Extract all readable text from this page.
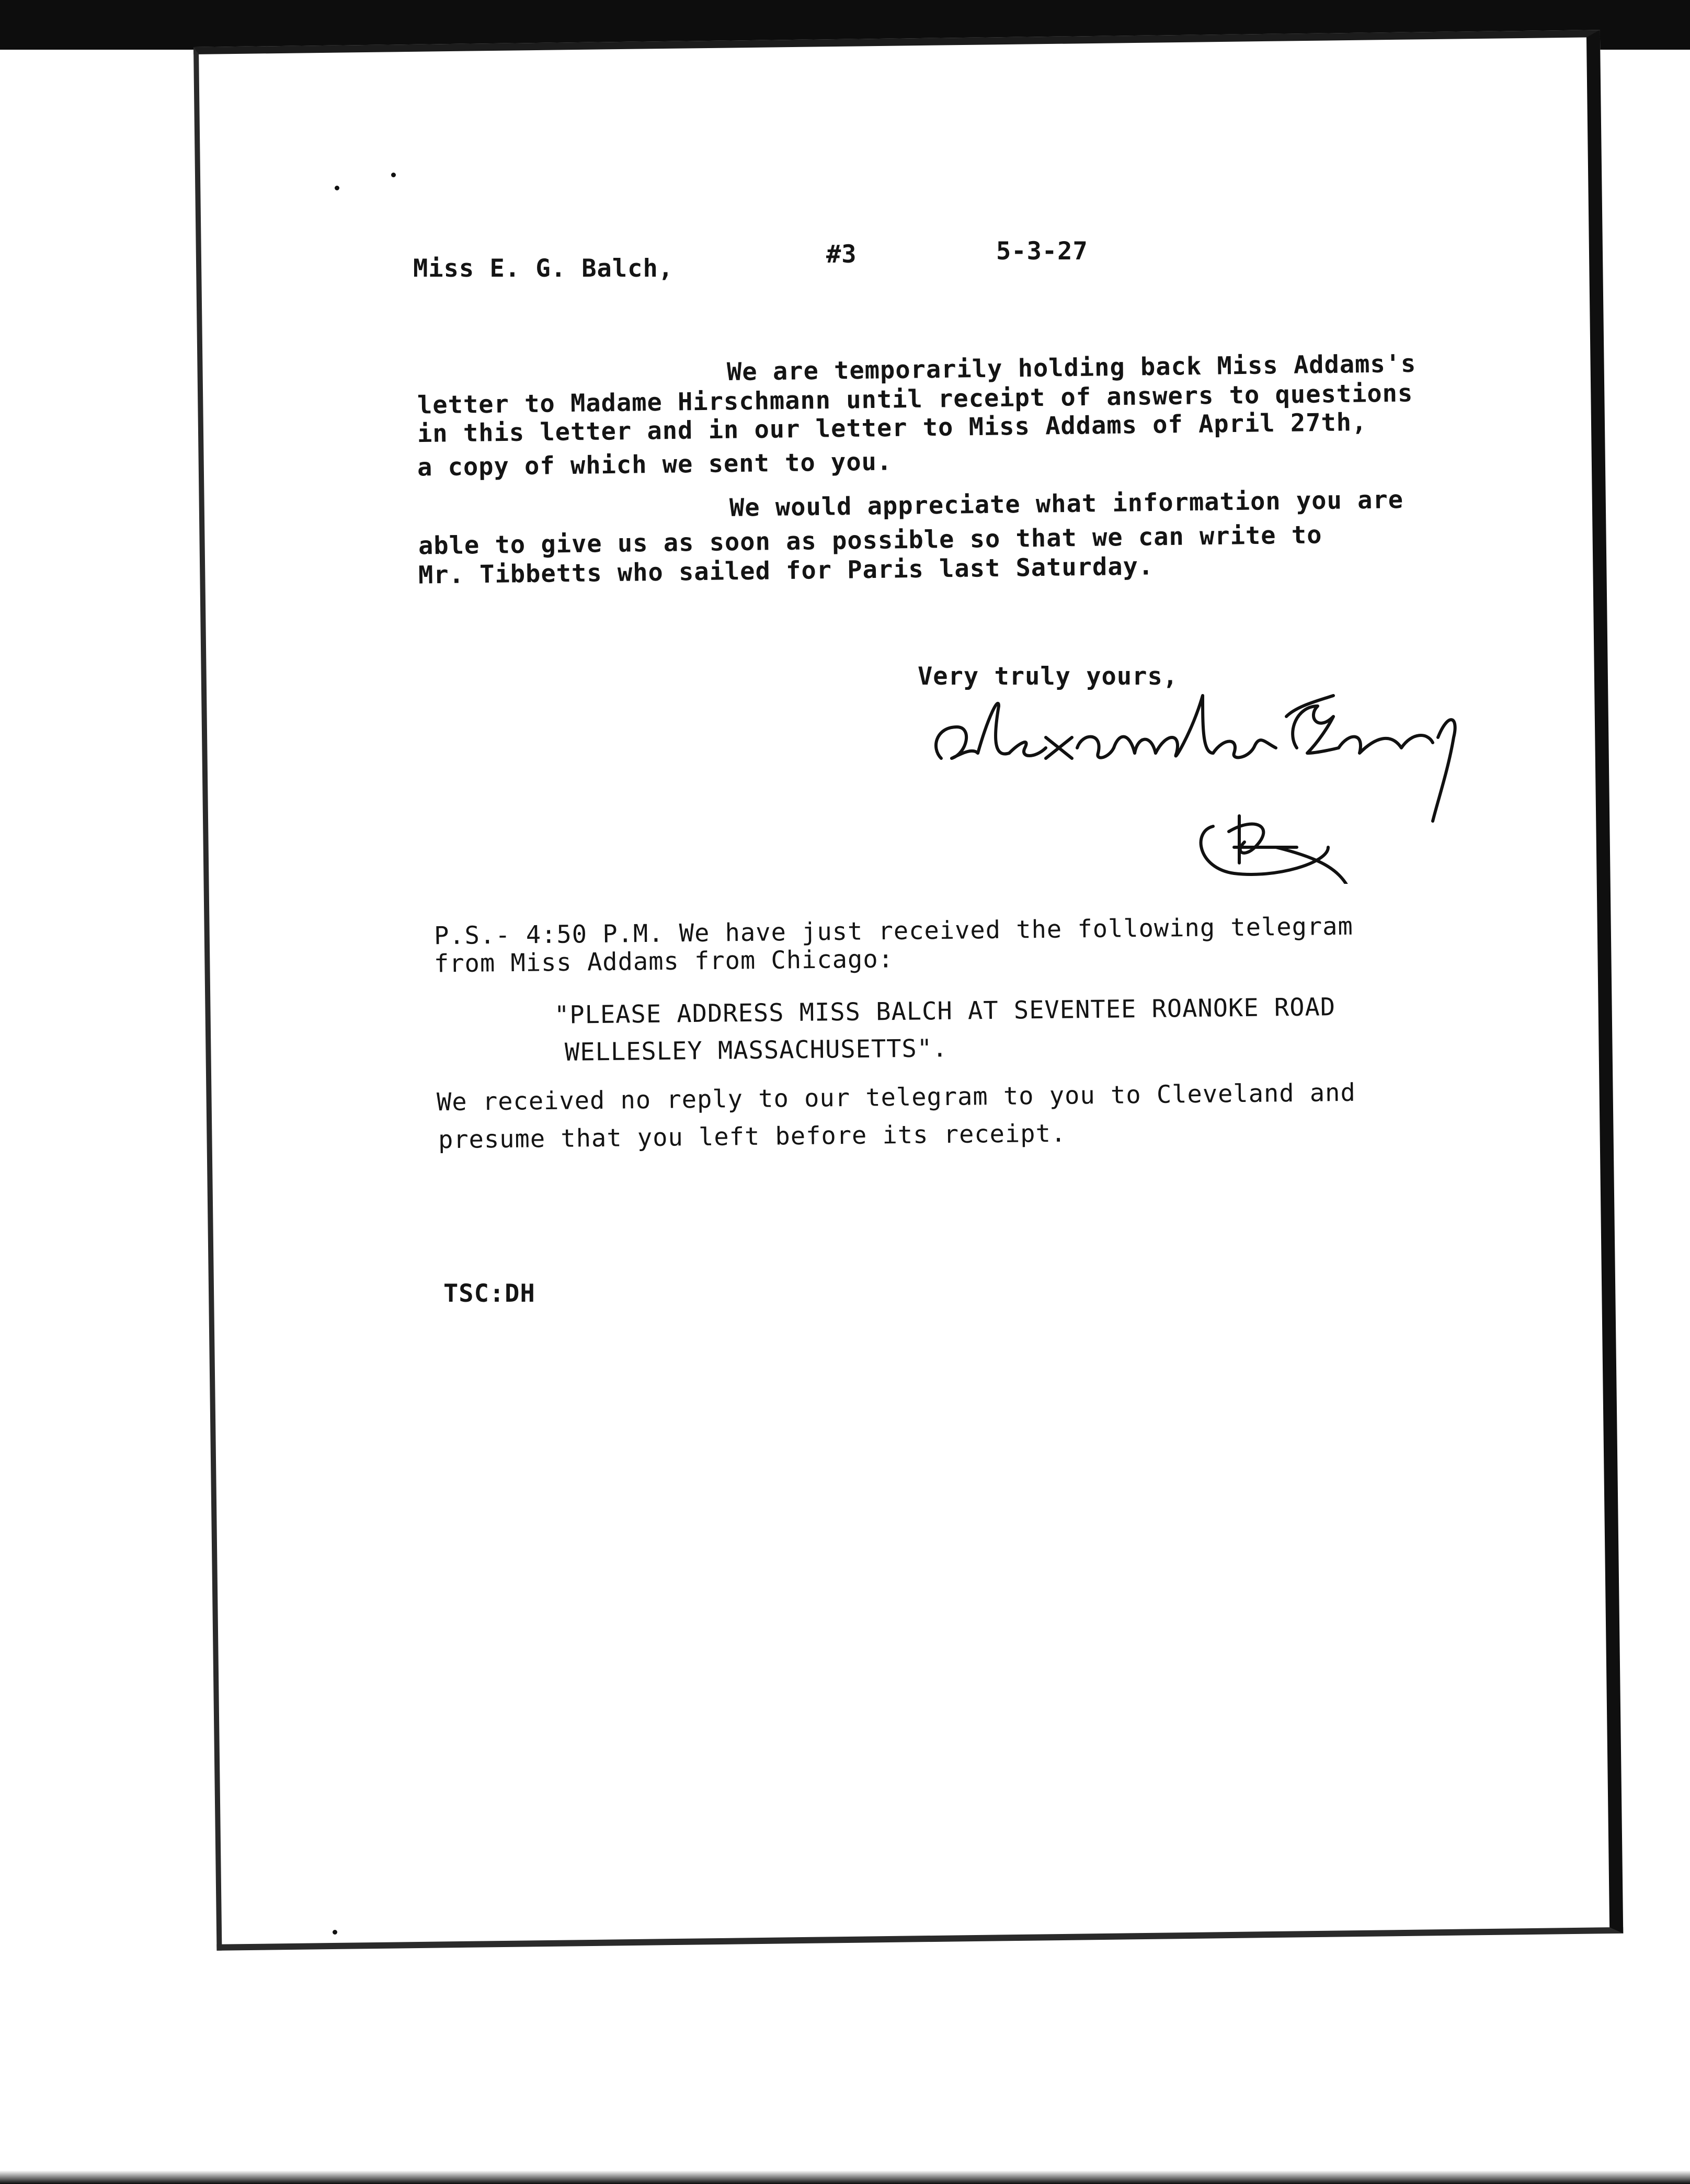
Miss E. G. Balch,	#3	5-3-27
We are temporarily holding back Miss Addams's
letter to Madame Hirschmann until receipt of answers to questions
in this letter and in our letter to Miss Addams of April 27th,
a copy of which we sent to you.
We would appreciate what information you are
able to give us as soon as possible so that we can write to
Mr. Tibbetts who sailed for Paris last Saturday.
Very truly yours,
P.S.- 4:50 P.M. We have just received the following telegram
from Miss Addams from Chicago:
"PLEASE ADDRESS MISS BALCH AT SEVENTEE ROANOKE ROAD
WELLESLEY MASSACHUSETTS".
We received no reply to our telegram to you to Cleveland and
presume that you left before its receipt.
TSC:DH
